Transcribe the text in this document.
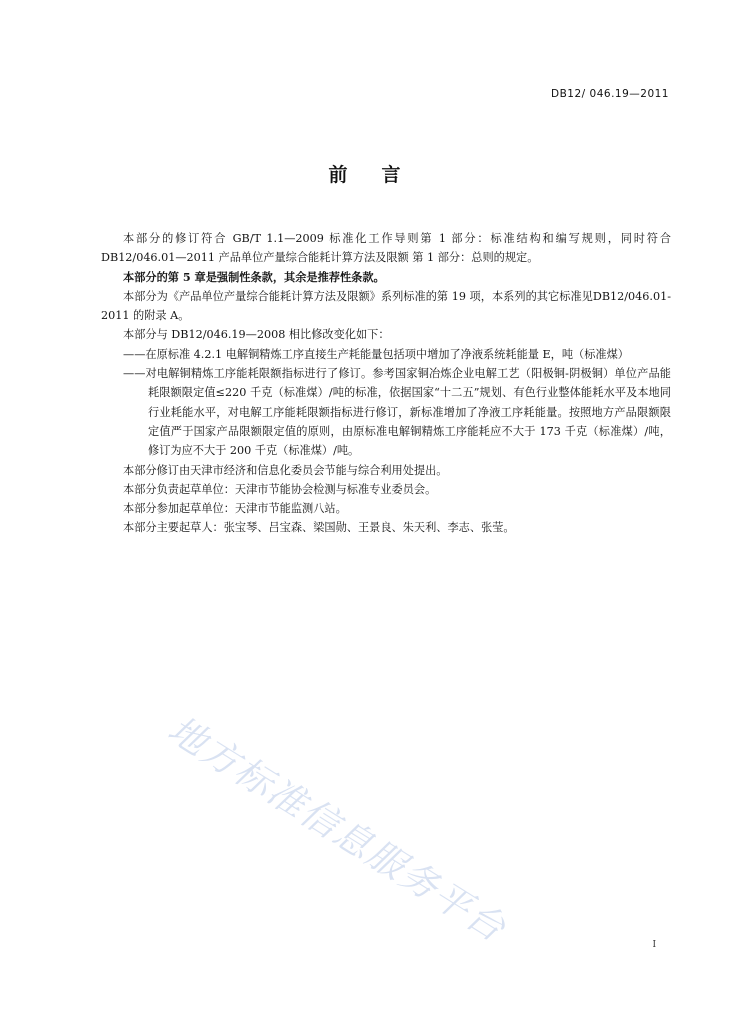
DB12/ 046.19—2011
前 言

本部分的修订符合 GB/T 1.1—2009 标准化工作导则第 1 部分：标准结构和编写规则，同时符合DB12/046.01—2011 产品单位产量综合能耗计算方法及限额 第 1 部分：总则的规定。

本部分的第 5 章是强制性条款，其余是推荐性条款。

本部分为《产品单位产量综合能耗计算方法及限额》系列标准的第 19 项，本系列的其它标准见DB12/046.01-2011 的附录 A。

本部分与 DB12/046.19—2008 相比修改变化如下：

——在原标准 4.2.1 电解铜精炼工序直接生产耗能量包括项中增加了净液系统耗能量 E，吨（标准煤）

——对电解铜精炼工序能耗限额指标进行了修订。参考国家铜冶炼企业电解工艺（阳极铜-阴极铜）单位产品能耗限额限定值≤220 千克（标准煤）/吨的标准，依据国家“十二五”规划、有色行业整体能耗水平及本地同行业耗能水平，对电解工序能耗限额指标进行修订，新标准增加了净液工序耗能量。按照地方产品限额限定值严于国家产品限额限定值的原则，由原标准电解铜精炼工序能耗应不大于 173 千克（标准煤）/吨，修订为应不大于 200 千克（标准煤）/吨。

本部分修订由天津市经济和信息化委员会节能与综合利用处提出。

本部分负责起草单位：天津市节能协会检测与标准专业委员会。

本部分参加起草单位：天津市节能监测八站。

本部分主要起草人：张宝琴、吕宝森、梁国勋、王景良、朱天利、李志、张莹。

地方标准信息服务平台	I
